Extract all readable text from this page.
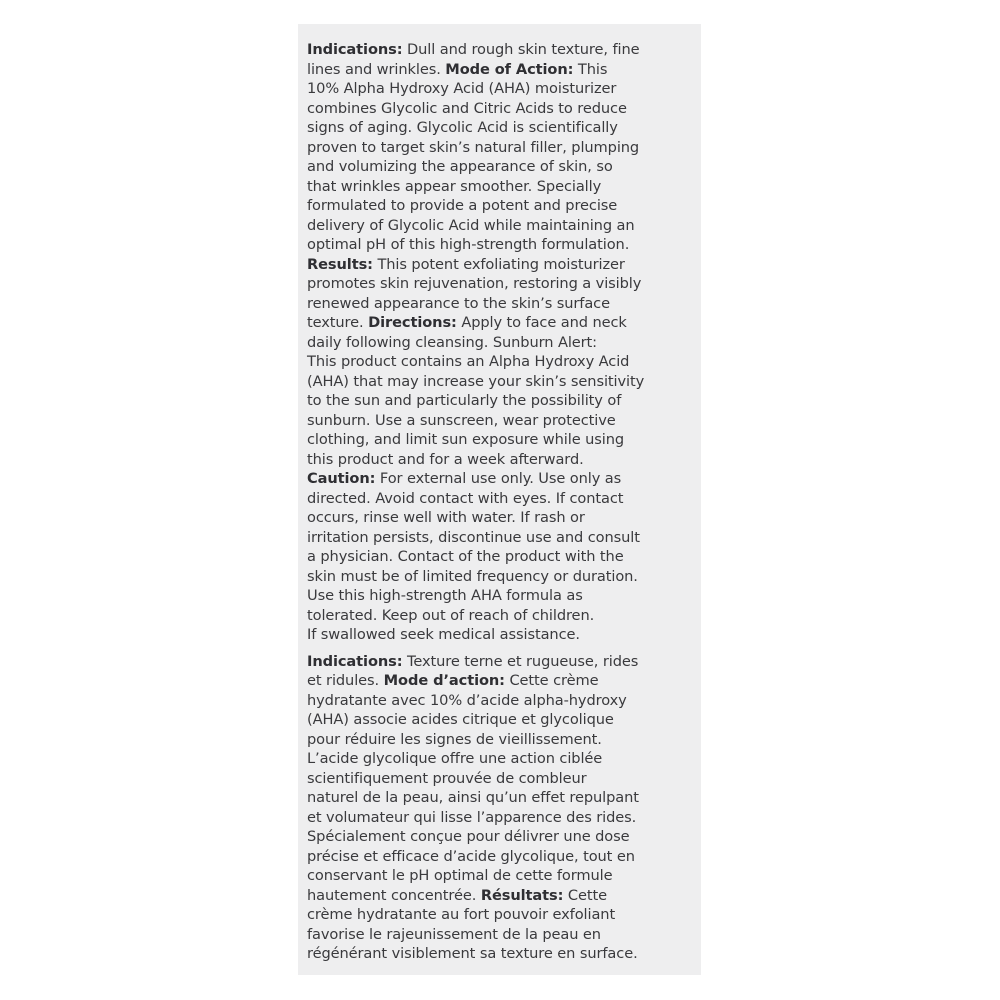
Indications: Dull and rough skin texture, fine
lines and wrinkles. Mode of Action: This
10% Alpha Hydroxy Acid (AHA) moisturizer
combines Glycolic and Citric Acids to reduce
signs of aging. Glycolic Acid is scientifically
proven to target skin’s natural filler, plumping
and volumizing the appearance of skin, so
that wrinkles appear smoother. Specially
formulated to provide a potent and precise
delivery of Glycolic Acid while maintaining an
optimal pH of this high-strength formulation.
Results: This potent exfoliating moisturizer
promotes skin rejuvenation, restoring a visibly
renewed appearance to the skin’s surface
texture. Directions: Apply to face and neck
daily following cleansing. Sunburn Alert:
This product contains an Alpha Hydroxy Acid
(AHA) that may increase your skin’s sensitivity
to the sun and particularly the possibility of
sunburn. Use a sunscreen, wear protective
clothing, and limit sun exposure while using
this product and for a week afterward.
Caution: For external use only. Use only as
directed. Avoid contact with eyes. If contact
occurs, rinse well with water. If rash or
irritation persists, discontinue use and consult
a physician. Contact of the product with the
skin must be of limited frequency or duration.
Use this high-strength AHA formula as
tolerated. Keep out of reach of children.
If swallowed seek medical assistance.
Indications: Texture terne et rugueuse, rides
et ridules. Mode d’action: Cette crème
hydratante avec 10% d’acide alpha-hydroxy
(AHA) associe acides citrique et glycolique
pour réduire les signes de vieillissement.
L’acide glycolique offre une action ciblée
scientifiquement prouvée de combleur
naturel de la peau, ainsi qu’un effet repulpant
et volumateur qui lisse l’apparence des rides.
Spécialement conçue pour délivrer une dose
précise et efficace d’acide glycolique, tout en
conservant le pH optimal de cette formule
hautement concentrée. Résultats: Cette
crème hydratante au fort pouvoir exfoliant
favorise le rajeunissement de la peau en
régénérant visiblement sa texture en surface.
